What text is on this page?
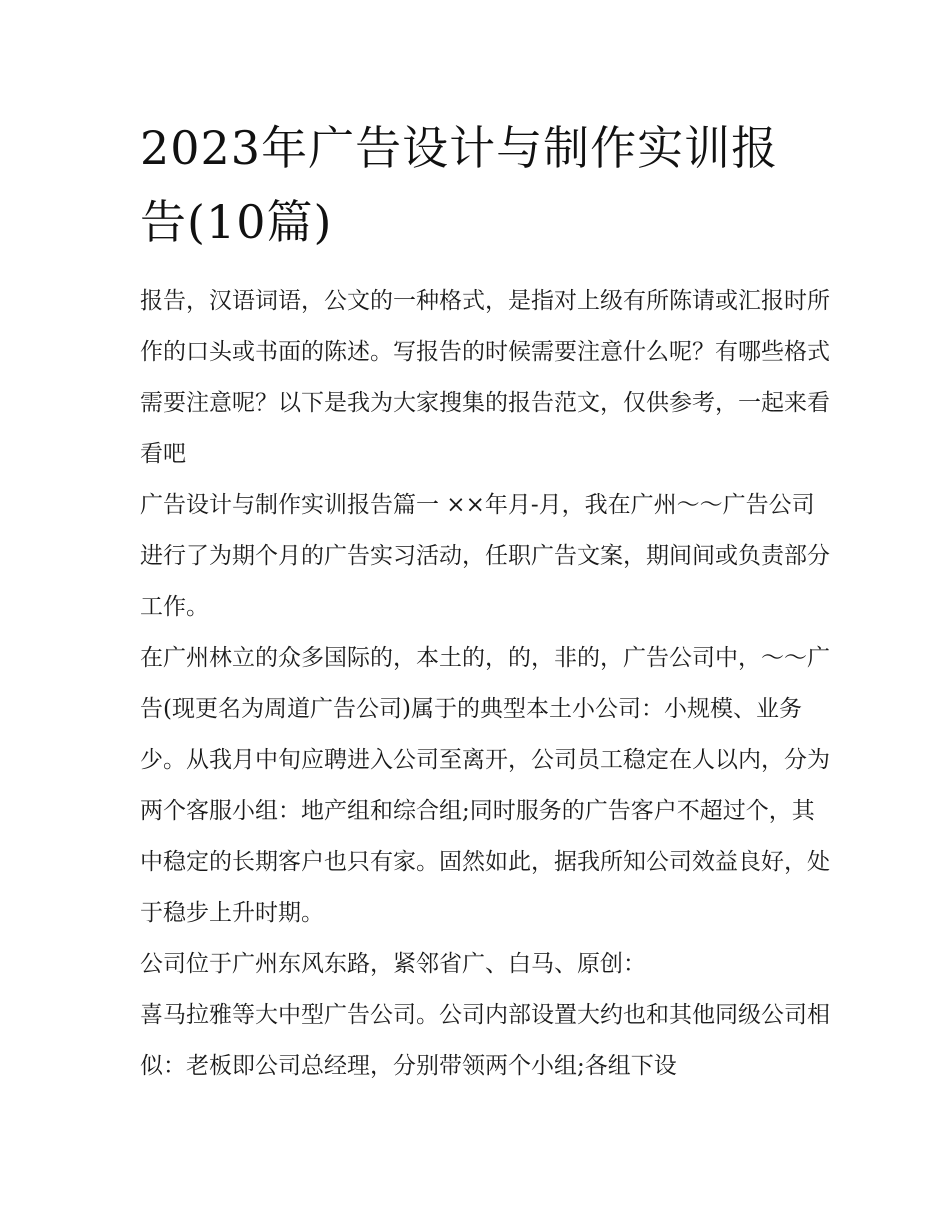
2023年广告设计与制作实训报告(10篇)

报告，汉语词语，公文的一种格式，是指对上级有所陈请或汇报时所作的口头或书面的陈述。写报告的时候需要注意什么呢？有哪些格式需要注意呢？以下是我为大家搜集的报告范文，仅供参考，一起来看看吧

广告设计与制作实训报告篇一 ××年月-月，我在广州～～广告公司进行了为期个月的广告实习活动，任职广告文案，期间间或负责部分工作。

在广州林立的众多国际的，本土的，的，非的，广告公司中，～～广告(现更名为周道广告公司)属于的典型本土小公司：小规模、业务少。从我月中旬应聘进入公司至离开，公司员工稳定在人以内，分为两个客服小组：地产组和综合组;同时服务的广告客户不超过个，其中稳定的长期客户也只有家。固然如此，据我所知公司效益良好，处于稳步上升时期。

公司位于广州东风东路，紧邻省广、白马、原创：

喜马拉雅等大中型广告公司。公司内部设置大约也和其他同级公司相似：老板即公司总经理，分别带领两个小组;各组下设
